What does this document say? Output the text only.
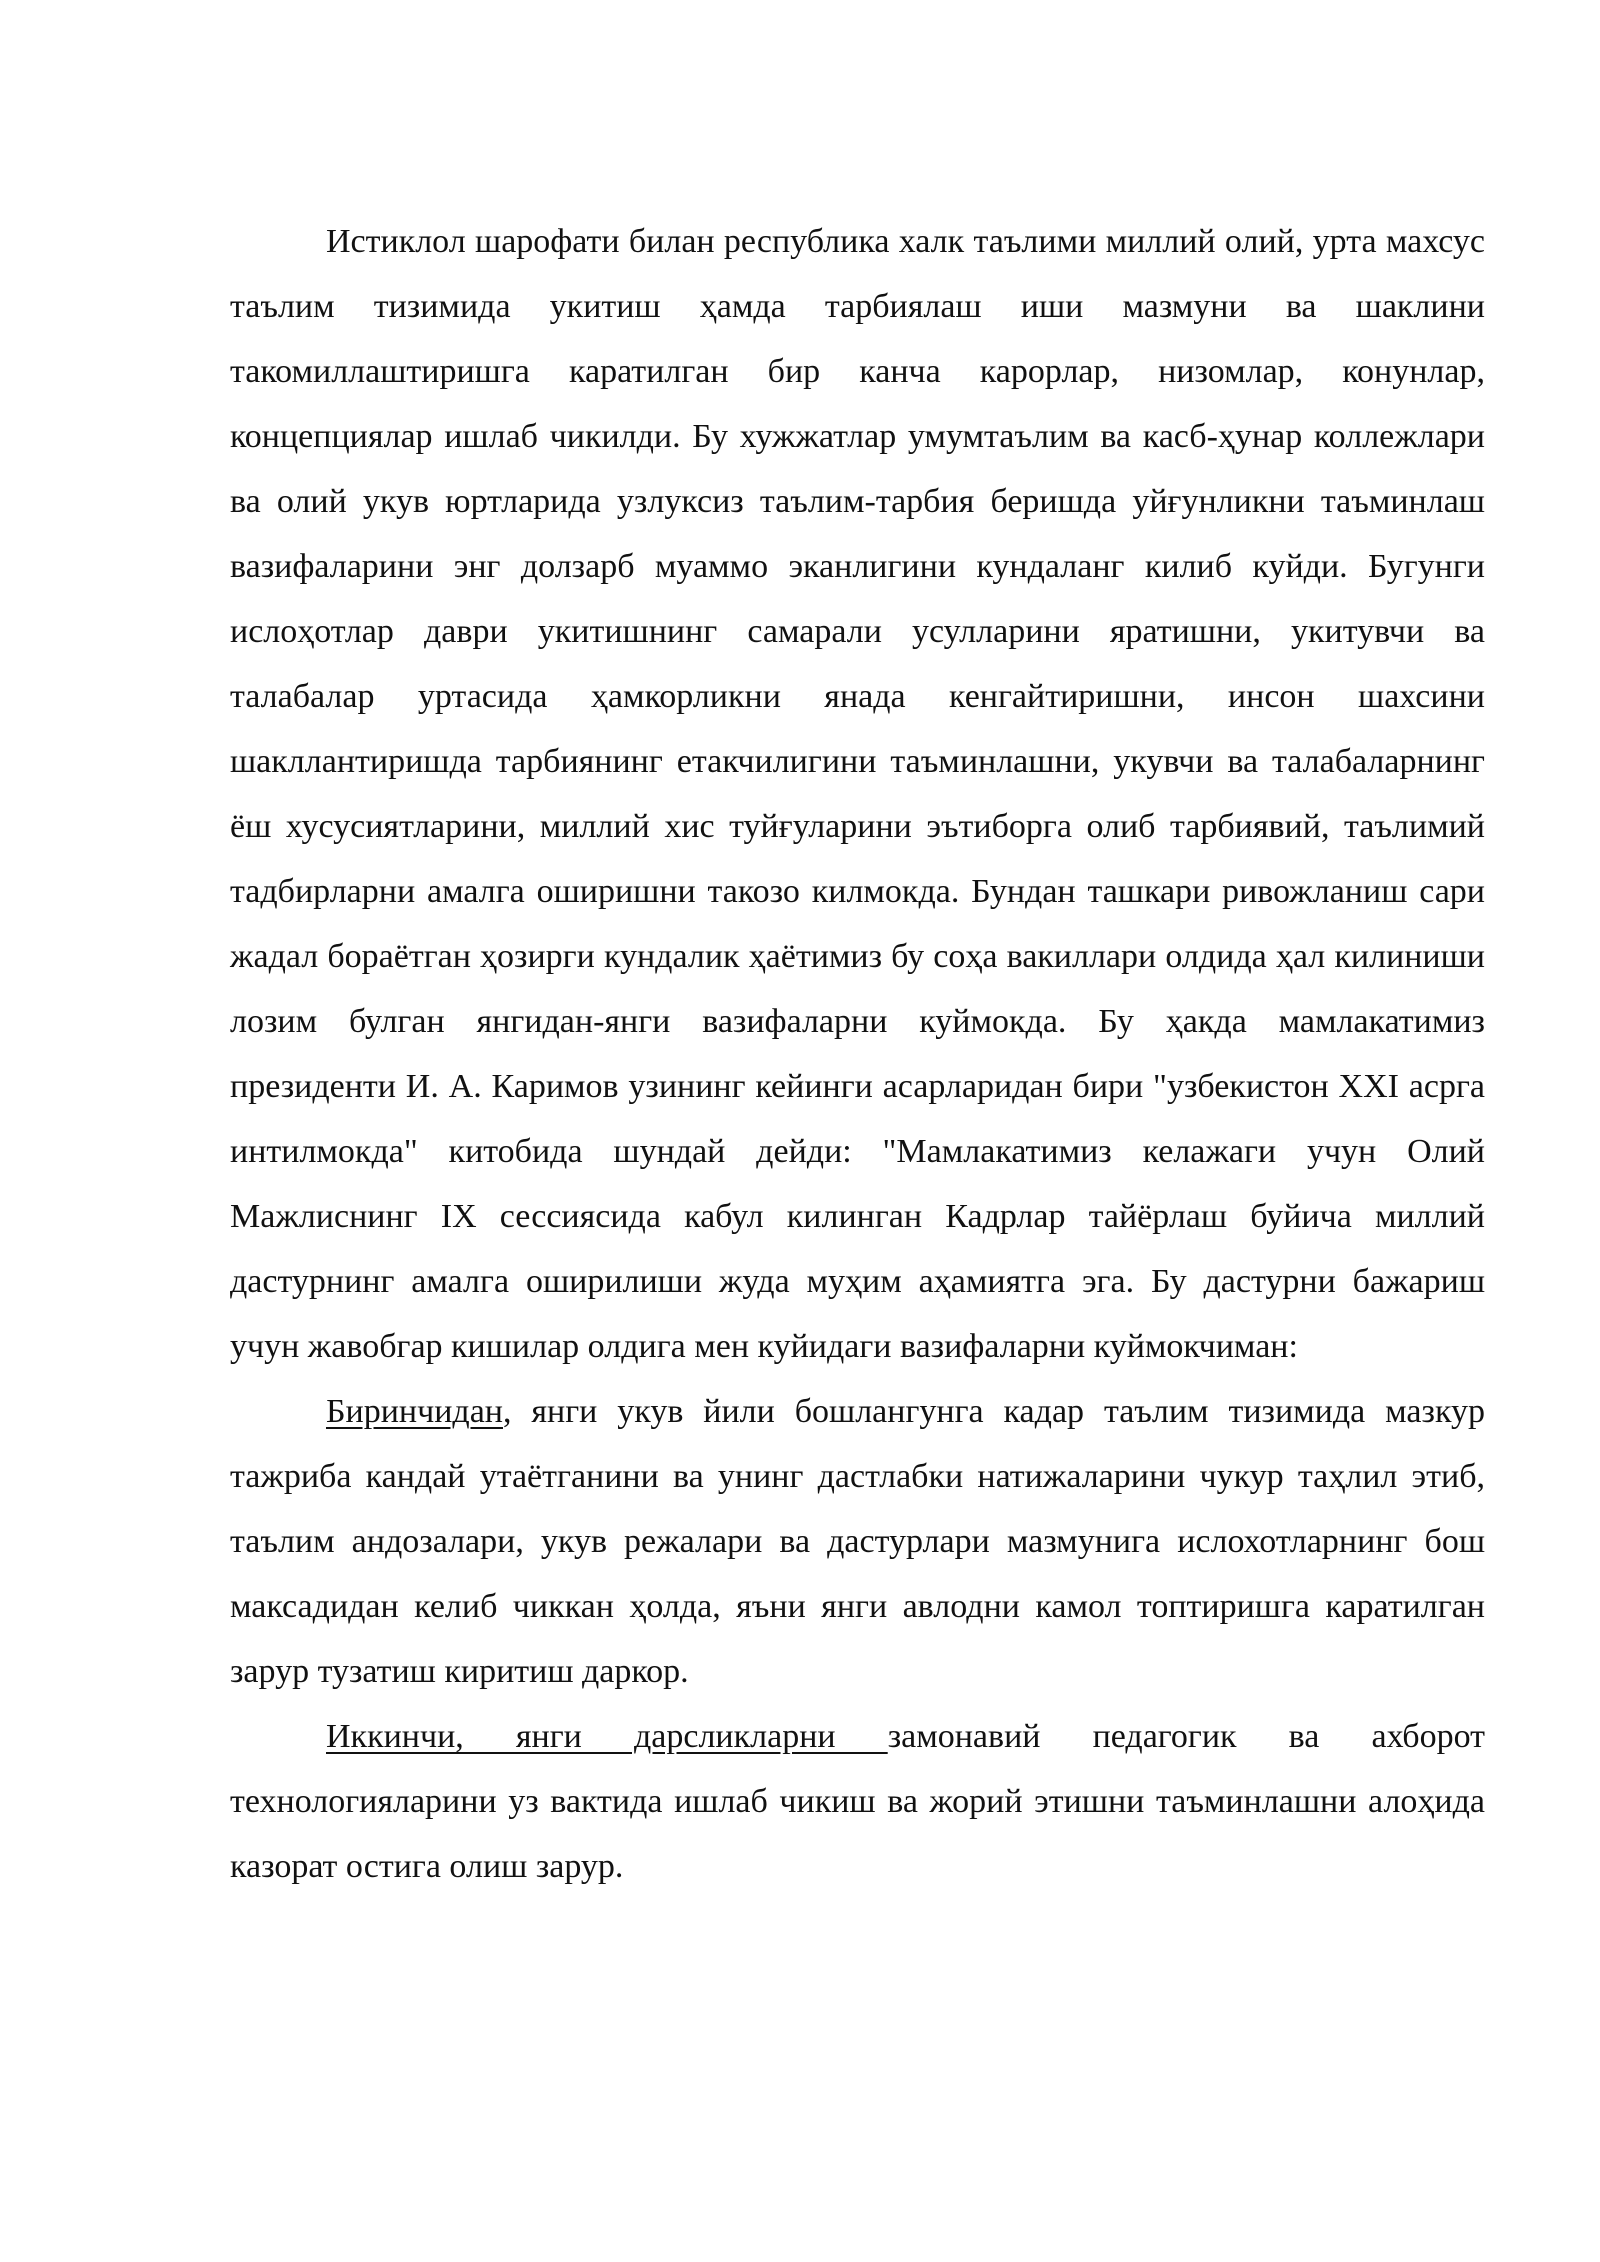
Истиклол шарофати билан республика халк таълими миллий олий, урта махсус таълим тизимида укитиш ҳамда тарбиялаш иши мазмуни ва шаклини такомиллаштиришга каратилган бир канча карорлар, низомлар, конунлар, концепциялар ишлаб чикилди. Бу хужжатлар умумтаълим ва касб-ҳунар коллежлари ва олий укув юртларида узлуксиз таълим-тарбия беришда уйғунликни таъминлаш вазифаларини энг долзарб муаммо эканлигини кундаланг килиб куйди. Бугунги ислоҳотлар даври укитишнинг самарали усулларини яратишни, укитувчи ва талабалар уртасида ҳамкорликни янада кенгайтиришни, инсон шахсини шакллантиришда тарбиянинг етакчилигини таъминлашни, укувчи ва талабаларнинг ёш хусусиятларини, миллий хис туйғуларини эътиборга олиб тарбиявий, таълимий тадбирларни амалга оширишни такозо килмокда. Бундан ташкари ривожланиш сари жадал бораётган ҳозирги кундалик ҳаётимиз бу соҳа вакиллари олдида ҳал килиниши лозим булган янгидан-янги вазифаларни куймокда. Бу ҳакда мамлакатимиз президенти И. А. Каримов узининг кейинги асарларидан бири "узбекистон XXI асрга интилмокда" китобида шундай дейди: "Мамлакатимиз келажаги учун Олий Мажлиснинг IX сессиясида кабул килинган Кадрлар тайёрлаш буйича миллий дастурнинг амалга оширилиши жуда муҳим аҳамиятга эга. Бу дастурни бажариш учун жавобгар кишилар олдига мен куйидаги вазифаларни куймокчиман:

Биринчидан, янги укув йили бошлангунга кадар таълим тизимида мазкур тажриба кандай утаётганини ва унинг дастлабки натижаларини чукур таҳлил этиб, таълим андозалари, укув режалари ва дастурлари мазмунига ислохотларнинг бош максадидан келиб чиккан ҳолда, яъни янги авлодни камол топтиришга каратилган зарур тузатиш киритиш даркор.

Иккинчи, янги дарсликларни замонавий педагогик ва ахборот технологияларини уз вактида ишлаб чикиш ва жорий этишни таъминлашни алоҳида казорат остига олиш зарур.
